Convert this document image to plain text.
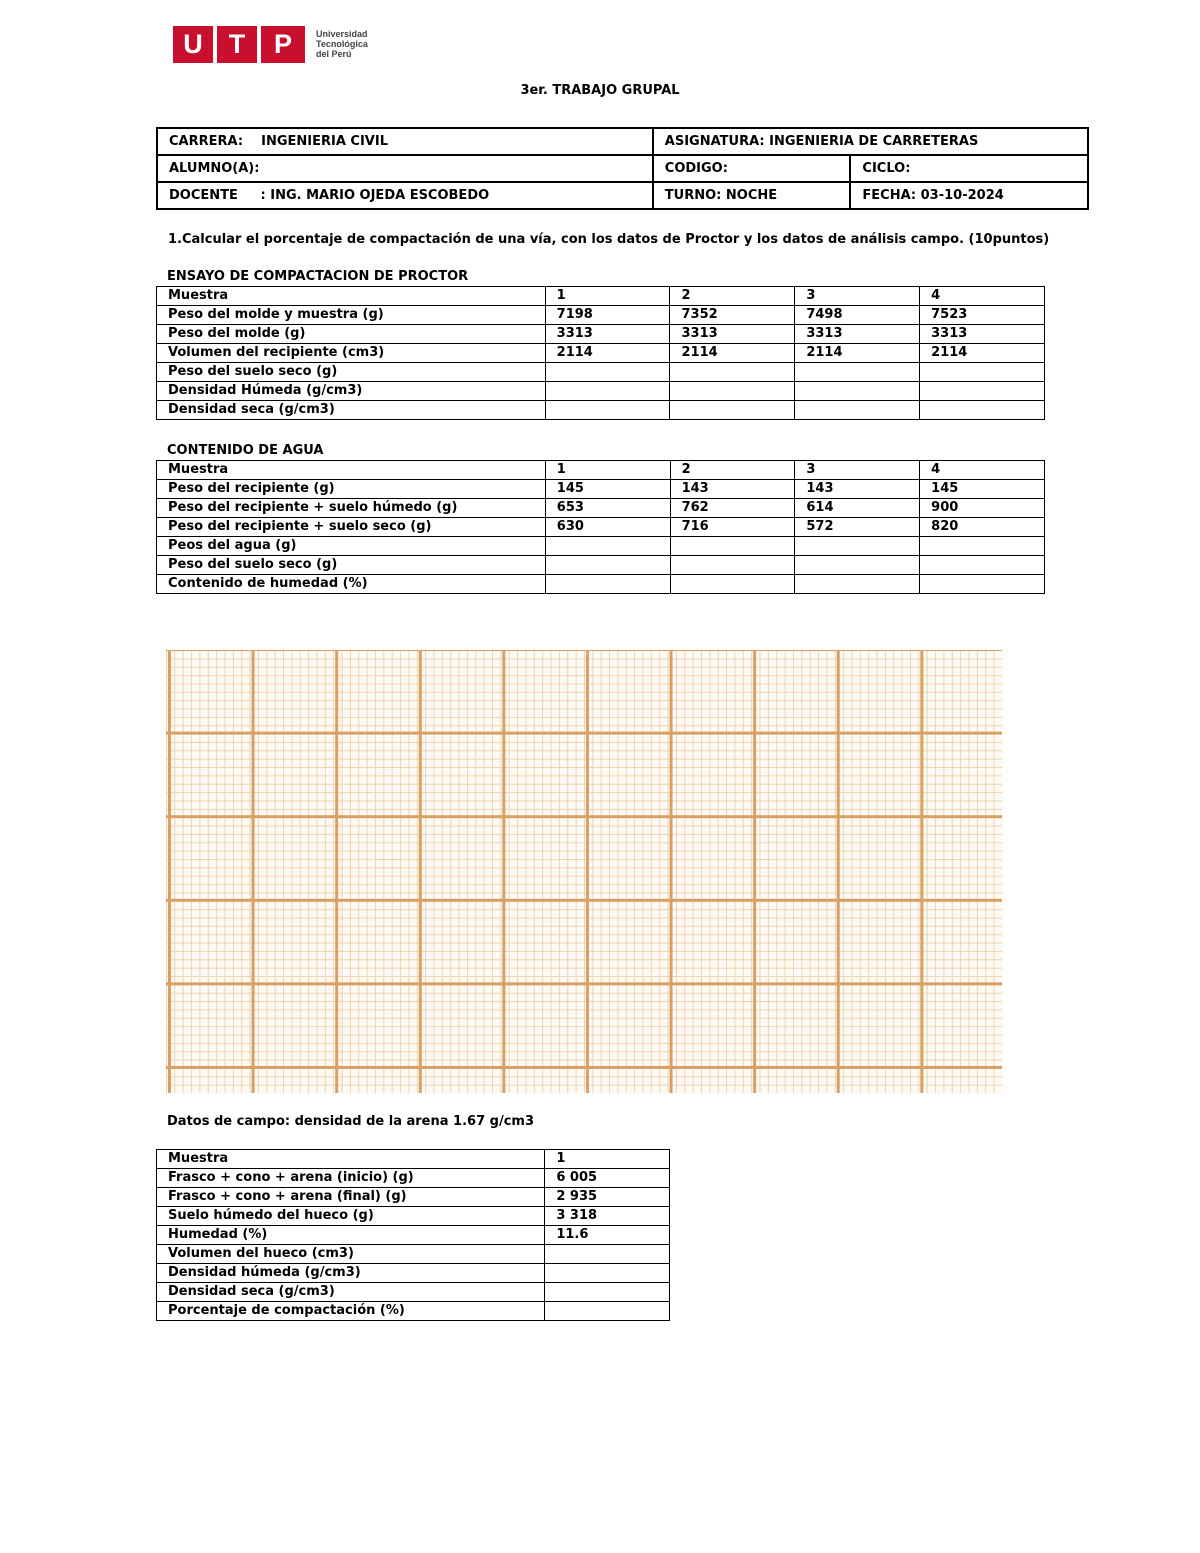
U T	P	Universidad
Tecnológica
del Perú
3er. TRABAJO GRUPAL
CARRERA: INGENIERIA CIVIL	ASIGNATURA: INGENIERIA DE CARRETERAS	
ALUMNO(A):	CODIGO:	CICLO:
DOCENTE : ING. MARIO OJEDA ESCOBEDO	TURNO: NOCHE	FECHA: 03-10-2024
1.Calcular el porcentaje de compactación de una vía, con los datos de Proctor y los datos de análisis campo. (10puntos)
ENSAYO DE COMPACTACION DE PROCTOR
Muestra	1	2	3	4
Peso del molde y muestra (g)	7198	7352	7498	7523
Peso del molde (g)	3313	3313	3313	3313
Volumen del recipiente (cm3)	2114	2114	2114	2114
Peso del suelo seco (g)				
Densidad Húmeda (g/cm3)				
Densidad seca (g/cm3)				
CONTENIDO DE AGUA
Muestra	1	2	3	4
Peso del recipiente (g)	145	143	143	145
Peso del recipiente + suelo húmedo (g)	653	762	614	900
Peso del recipiente + suelo seco (g)	630	716	572	820
Peos del agua (g)				
Peso del suelo seco (g)				
Contenido de humedad (%)				
Datos de campo: densidad de la arena 1.67 g/cm3
Muestra	1
Frasco + cono + arena (inicio) (g)	6 005
Frasco + cono + arena (final) (g)	2 935
Suelo húmedo del hueco (g)	3 318
Humedad (%)	11.6
Volumen del hueco (cm3)	
Densidad húmeda (g/cm3)	
Densidad seca (g/cm3)	
Porcentaje de compactación (%)	
